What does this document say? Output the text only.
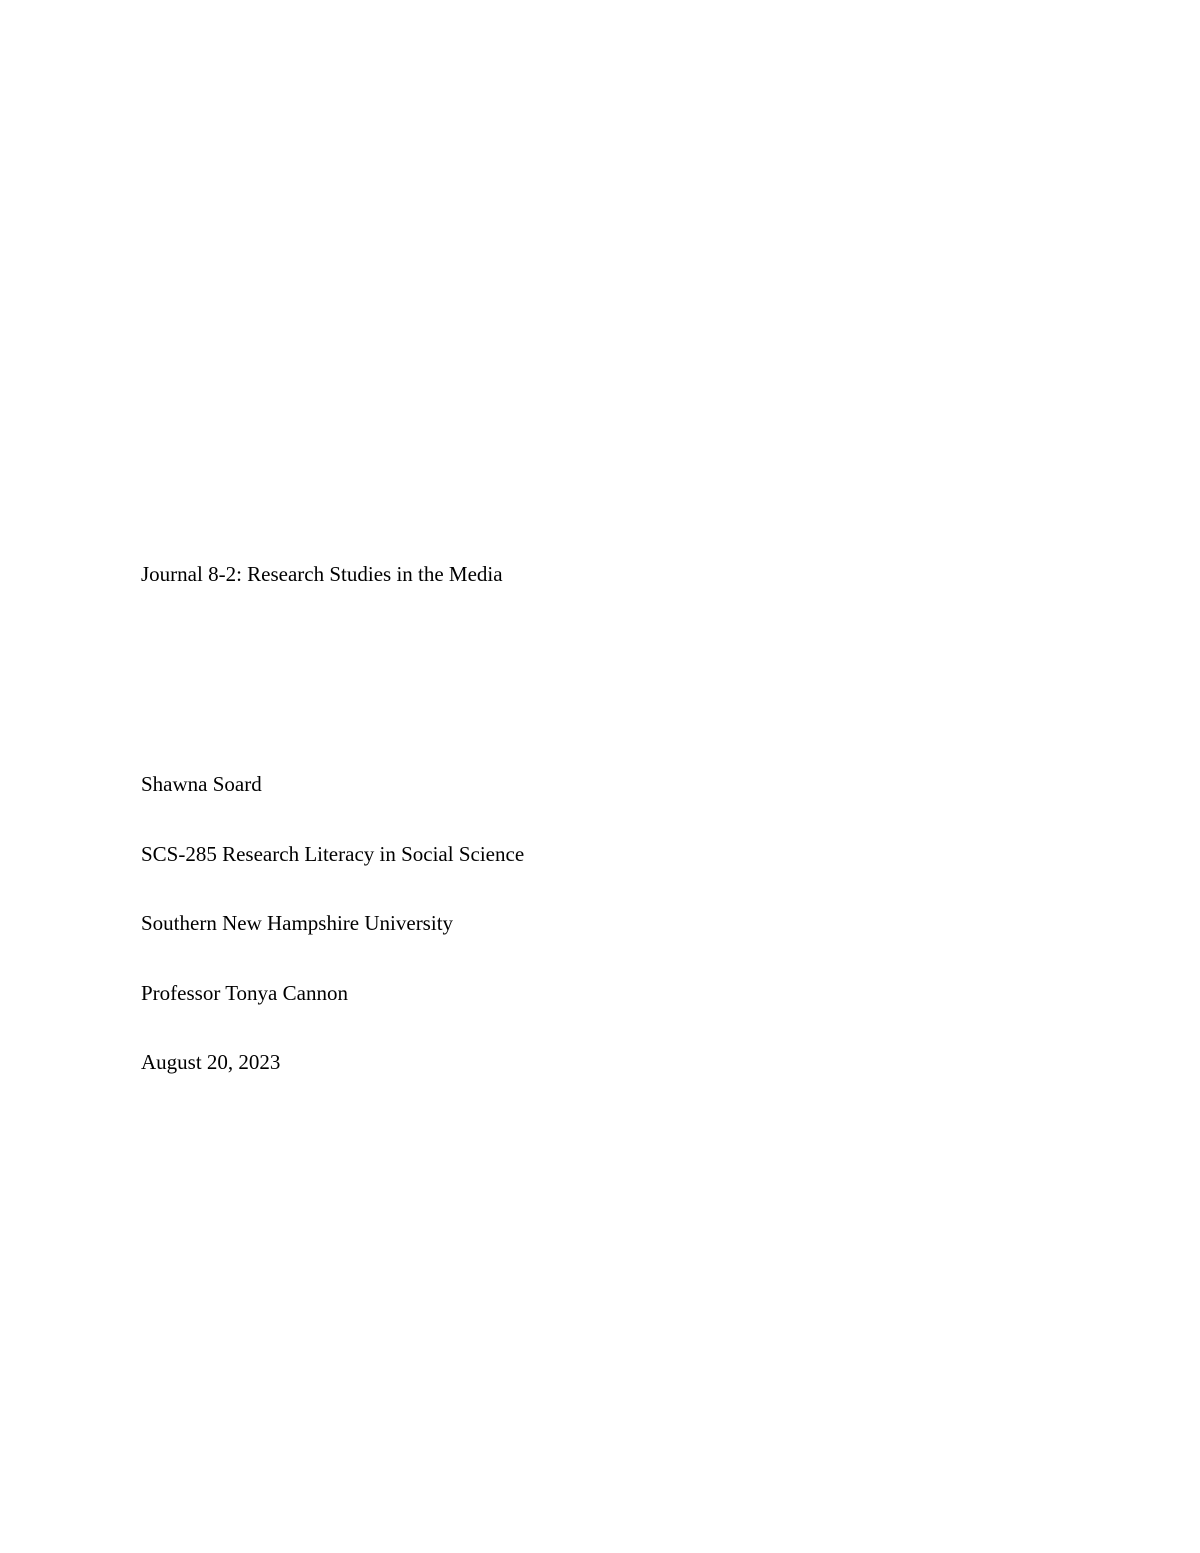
Journal 8-2: Research Studies in the Media

Shawna Soard

SCS-285 Research Literacy in Social Science

Southern New Hampshire University

Professor Tonya Cannon

August 20, 2023
